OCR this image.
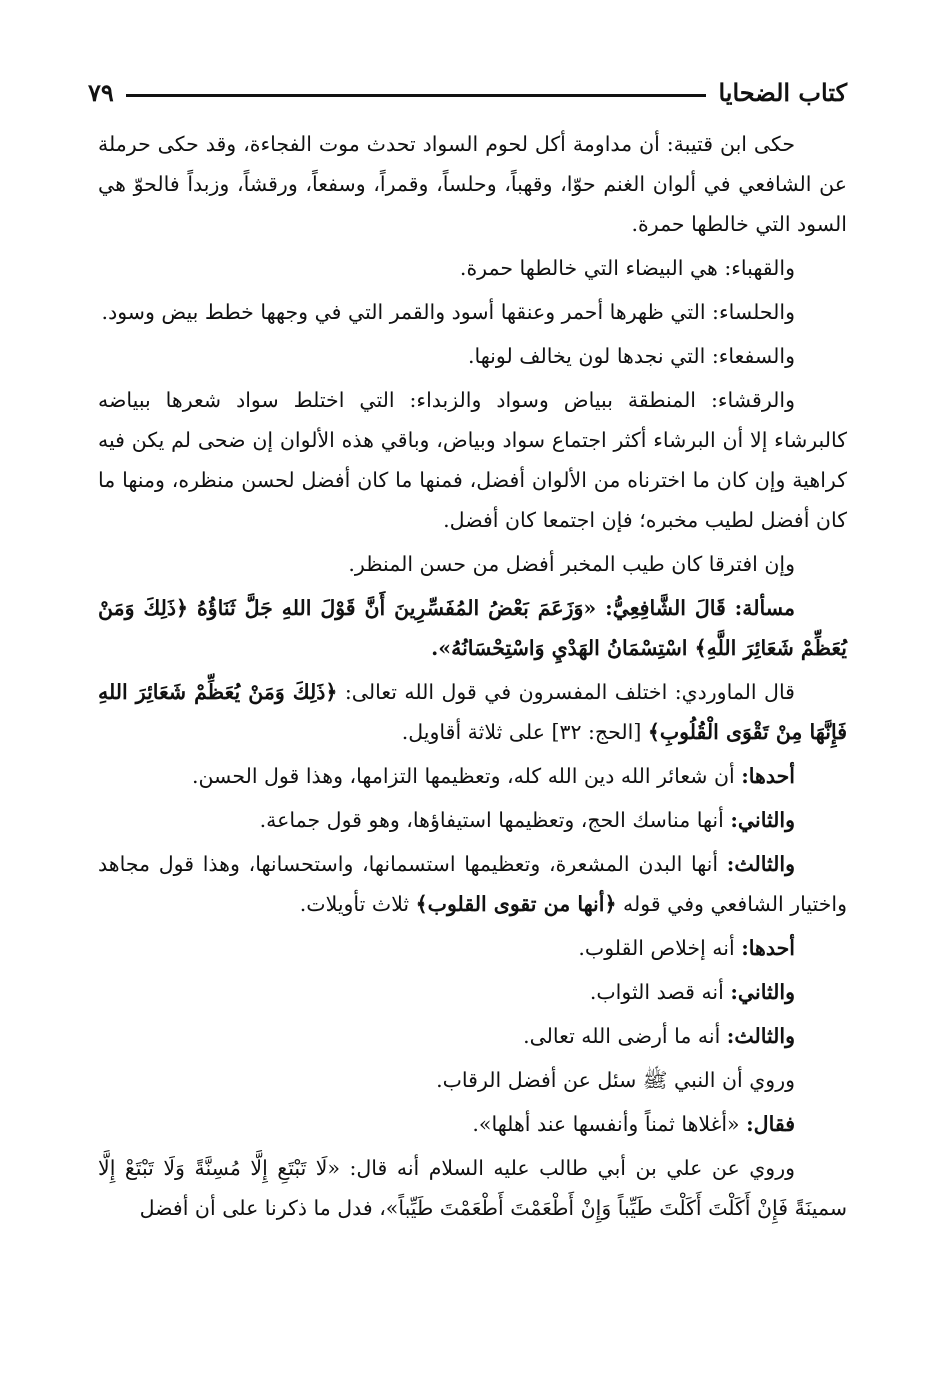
كتاب الضحايا
٧٩

حكى ابن قتيبة: أن مداومة أكل لحوم السواد تحدث موت الفجاءة، وقد حكى حرملة عن الشافعي في ألوان الغنم حوّا، وقهباً، وحلساً، وقمراً، وسفعاً، ورقشاً، وزبداً فالحوّ هي السود التي خالطها حمرة.

والقهباء: هي البيضاء التي خالطها حمرة.

والحلساء: التي ظهرها أحمر وعنقها أسود والقمر التي في وجهها خطط بيض وسود.

والسفعاء: التي نجدها لون يخالف لونها.

والرقشاء: المنطقة ببياض وسواد والزبداء: التي اختلط سواد شعرها ببياضه كالبرشاء إلا أن البرشاء أكثر اجتماع سواد وبياض، وباقي هذه الألوان إن ضحى لم يكن فيه كراهية وإن كان ما اخترناه من الألوان أفضل، فمنها ما كان أفضل لحسن منظره، ومنها ما كان أفضل لطيب مخبره؛ فإن اجتمعا كان أفضل.

وإن افترقا كان طيب المخبر أفضل من حسن المنظر.

مسألة: قَالَ الشَّافِعِيُّ: «وَزَعَمَ بَعْضُ المُفَسِّرِينَ أَنَّ قَوْلَ اللهِ جَلَّ ثَنَاؤُهُ ﴿ذَلِكَ وَمَنْ يُعَظِّمْ شَعَائِرَ اللَّهِ﴾ اسْتِسْمَانُ الهَدْيِ وَاسْتِحْسَانُهُ».

قال الماوردي: اختلف المفسرون في قول الله تعالى: ﴿ذَلِكَ وَمَنْ يُعَظِّمْ شَعَائِرَ اللهِ فَإِنَّهَا مِنْ تَقْوَى الْقُلُوبِ﴾ [الحج: ٣٢] على ثلاثة أقاويل.

أحدها: أن شعائر الله دين الله كله، وتعظيمها التزامها، وهذا قول الحسن.

والثاني: أنها مناسك الحج، وتعظيمها استيفاؤها، وهو قول جماعة.

والثالث: أنها البدن المشعرة، وتعظيمها استسمانها، واستحسانها، وهذا قول مجاهد واختيار الشافعي وفي قوله ﴿أنها من تقوى القلوب﴾ ثلاث تأويلات.

أحدها: أنه إخلاص القلوب.

والثاني: أنه قصد الثواب.

والثالث: أنه ما أرضى الله تعالى.

وروي أن النبي ﷺ سئل عن أفضل الرقاب.

فقال: «أغلاها ثمناً وأنفسها عند أهلها».

وروي عن علي بن أبي طالب عليه السلام أنه قال: «لَا تَبْتَعِ إِلَّا مُسِنَّةً وَلَا تَبْتَعْ إِلَّا سمينَةً فَإِنْ أَكَلْتَ أَكَلْتَ طَيِّباً وَإِنْ أَطْعَمْتَ أَطْعَمْتَ طَيِّباً»، فدل ما ذكرنا على أن أفضل
